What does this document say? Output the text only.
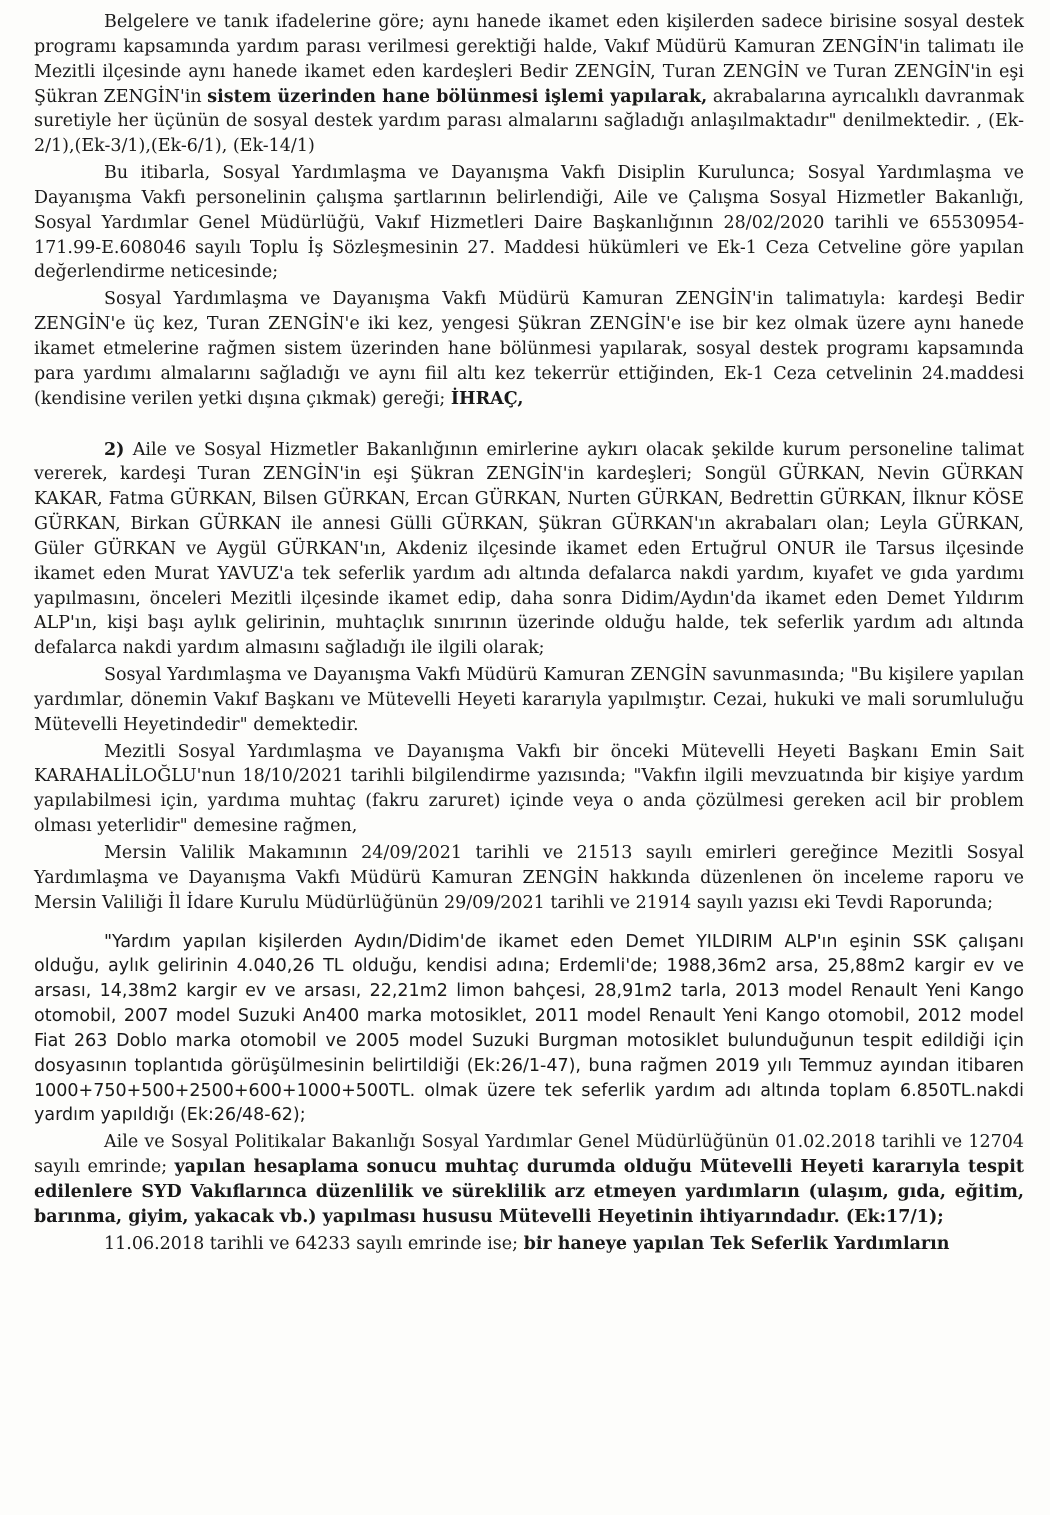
Belgelere ve tanık ifadelerine göre; aynı hanede ikamet eden kişilerden sadece birisine sosyal destek programı kapsamında yardım parası verilmesi gerektiği halde, Vakıf Müdürü Kamuran ZENGİN'in talimatı ile Mezitli ilçesinde aynı hanede ikamet eden kardeşleri Bedir ZENGİN, Turan ZENGİN ve Turan ZENGİN'in eşi Şükran ZENGİN'in sistem üzerinden hane bölünmesi işlemi yapılarak, akrabalarına ayrıcalıklı davranmak suretiyle her üçünün de sosyal destek yardım parası almalarını sağladığı anlaşılmaktadır" denilmektedir. , (Ek-2/1),(Ek-3/1),(Ek-6/1), (Ek-14/1)

Bu itibarla, Sosyal Yardımlaşma ve Dayanışma Vakfı Disiplin Kurulunca; Sosyal Yardımlaşma ve Dayanışma Vakfı personelinin çalışma şartlarının belirlendiği, Aile ve Çalışma Sosyal Hizmetler Bakanlığı, Sosyal Yardımlar Genel Müdürlüğü, Vakıf Hizmetleri Daire Başkanlığının 28/02/2020 tarihli ve 65530954-171.99-E.608046 sayılı Toplu İş Sözleşmesinin 27. Maddesi hükümleri ve Ek-1 Ceza Cetveline göre yapılan değerlendirme neticesinde;

Sosyal Yardımlaşma ve Dayanışma Vakfı Müdürü Kamuran ZENGİN'in talimatıyla: kardeşi Bedir ZENGİN'e üç kez, Turan ZENGİN'e iki kez, yengesi Şükran ZENGİN'e ise bir kez olmak üzere aynı hanede ikamet etmelerine rağmen sistem üzerinden hane bölünmesi yapılarak, sosyal destek programı kapsamında para yardımı almalarını sağladığı ve aynı fiil altı kez tekerrür ettiğinden, Ek-1 Ceza cetvelinin 24.maddesi (kendisine verilen yetki dışına çıkmak) gereği; İHRAÇ,

2) Aile ve Sosyal Hizmetler Bakanlığının emirlerine aykırı olacak şekilde kurum personeline talimat vererek, kardeşi Turan ZENGİN'in eşi Şükran ZENGİN'in kardeşleri; Songül GÜRKAN, Nevin GÜRKAN KAKAR, Fatma GÜRKAN, Bilsen GÜRKAN, Ercan GÜRKAN, Nurten GÜRKAN, Bedrettin GÜRKAN, İlknur KÖSE GÜRKAN, Birkan GÜRKAN ile annesi Gülli GÜRKAN, Şükran GÜRKAN'ın akrabaları olan; Leyla GÜRKAN, Güler GÜRKAN ve Aygül GÜRKAN'ın, Akdeniz ilçesinde ikamet eden Ertuğrul ONUR ile Tarsus ilçesinde ikamet eden Murat YAVUZ'a tek seferlik yardım adı altında defalarca nakdi yardım, kıyafet ve gıda yardımı yapılmasını, önceleri Mezitli ilçesinde ikamet edip, daha sonra Didim/Aydın'da ikamet eden Demet Yıldırım ALP'ın, kişi başı aylık gelirinin, muhtaçlık sınırının üzerinde olduğu halde, tek seferlik yardım adı altında defalarca nakdi yardım almasını sağladığı ile ilgili olarak;

Sosyal Yardımlaşma ve Dayanışma Vakfı Müdürü Kamuran ZENGİN savunmasında; "Bu kişilere yapılan yardımlar, dönemin Vakıf Başkanı ve Mütevelli Heyeti kararıyla yapılmıştır. Cezai, hukuki ve mali sorumluluğu Mütevelli Heyetindedir" demektedir.

Mezitli Sosyal Yardımlaşma ve Dayanışma Vakfı bir önceki Mütevelli Heyeti Başkanı Emin Sait KARAHALİLOĞLU'nun 18/10/2021 tarihli bilgilendirme yazısında; "Vakfın ilgili mevzuatında bir kişiye yardım yapılabilmesi için, yardıma muhtaç (fakru zaruret) içinde veya o anda çözülmesi gereken acil bir problem olması yeterlidir" demesine rağmen,

Mersin Valilik Makamının 24/09/2021 tarihli ve 21513 sayılı emirleri gereğince Mezitli Sosyal Yardımlaşma ve Dayanışma Vakfı Müdürü Kamuran ZENGİN hakkında düzenlenen ön inceleme raporu ve Mersin Valiliği İl İdare Kurulu Müdürlüğünün 29/09/2021 tarihli ve 21914 sayılı yazısı eki Tevdi Raporunda;

"Yardım yapılan kişilerden Aydın/Didim'de ikamet eden Demet YILDIRIM ALP'ın eşinin SSK çalışanı olduğu, aylık gelirinin 4.040,26 TL olduğu, kendisi adına; Erdemli'de; 1988,36m2 arsa, 25,88m2 kargir ev ve arsası, 14,38m2 kargir ev ve arsası, 22,21m2 limon bahçesi, 28,91m2 tarla, 2013 model Renault Yeni Kango otomobil, 2007 model Suzuki An400 marka motosiklet, 2011 model Renault Yeni Kango otomobil, 2012 model Fiat 263 Doblo marka otomobil ve 2005 model Suzuki Burgman motosiklet bulunduğunun tespit edildiği için dosyasının toplantıda görüşülmesinin belirtildiği (Ek:26/1-47), buna rağmen 2019 yılı Temmuz ayından itibaren 1000+750+500+2500+600+1000+500TL. olmak üzere tek seferlik yardım adı altında toplam 6.850TL.nakdi yardım yapıldığı (Ek:26/48-62);

Aile ve Sosyal Politikalar Bakanlığı Sosyal Yardımlar Genel Müdürlüğünün 01.02.2018 tarihli ve 12704 sayılı emrinde; yapılan hesaplama sonucu muhtaç durumda olduğu Mütevelli Heyeti kararıyla tespit edilenlere SYD Vakıflarınca düzenlilik ve süreklilik arz etmeyen yardımların (ulaşım, gıda, eğitim, barınma, giyim, yakacak vb.) yapılması hususu Mütevelli Heyetinin ihtiyarındadır. (Ek:17/1);

11.06.2018 tarihli ve 64233 sayılı emrinde ise; bir haneye yapılan Tek Seferlik Yardımların
